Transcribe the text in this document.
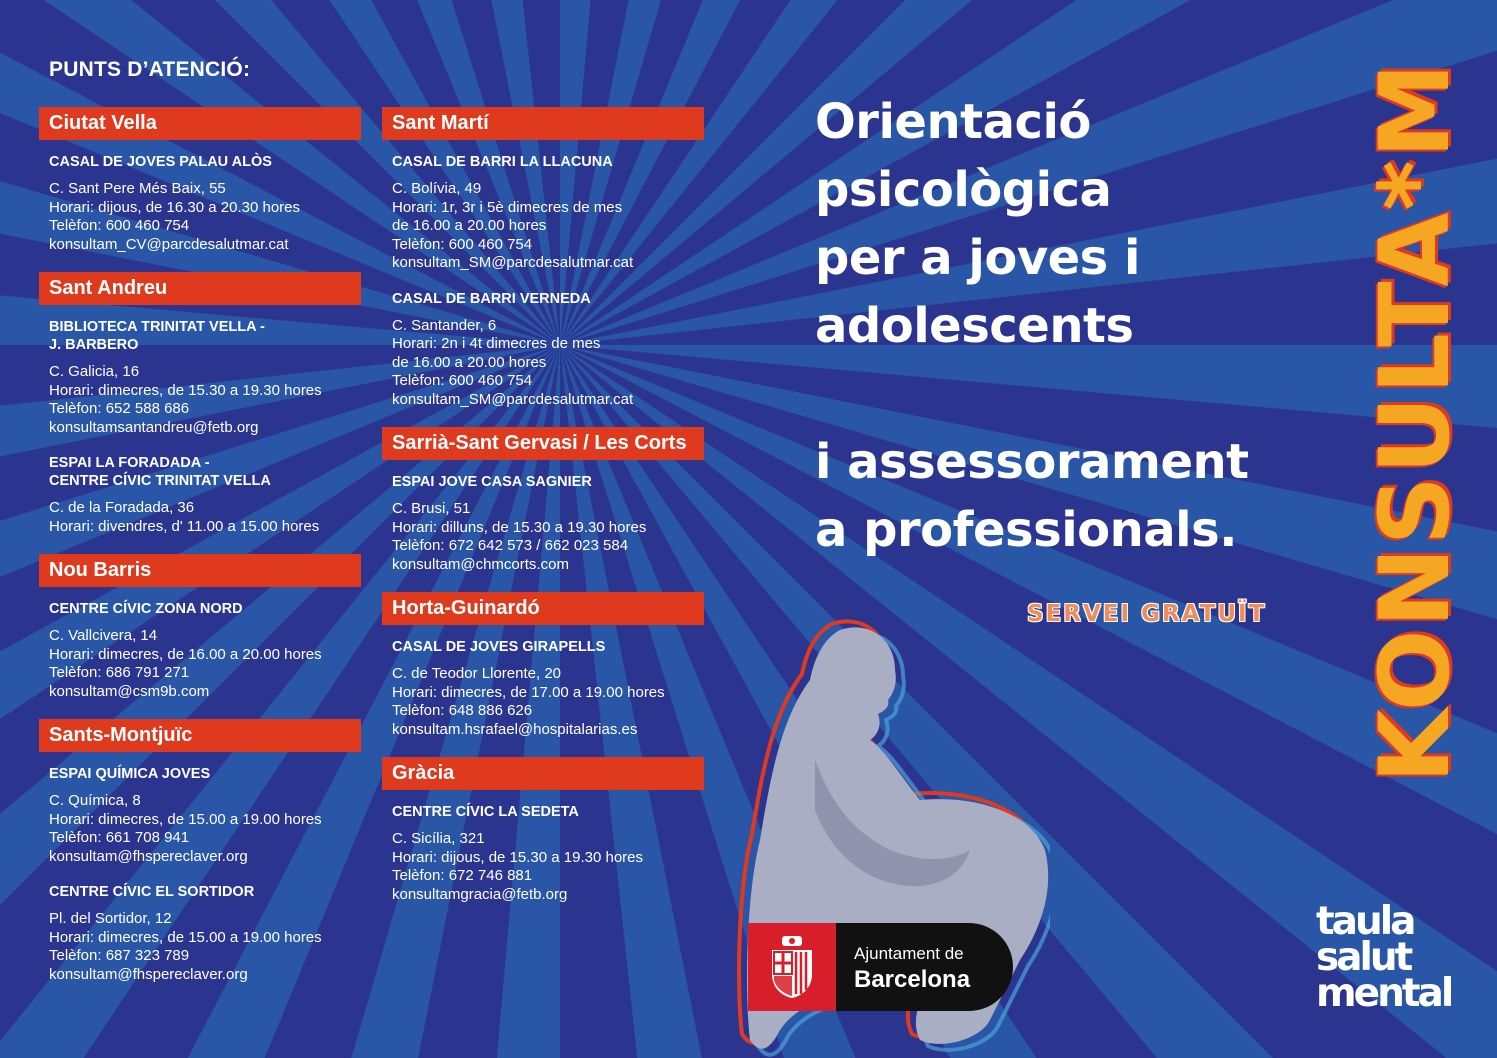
PUNTS D’ATENCIÓ:
Ciutat Vella
CASAL DE JOVES PALAU ALÒS
C. Sant Pere Més Baix, 55
Horari: dijous, de 16.30 a 20.30 hores
Telèfon: 600 460 754
konsultam_CV@parcdesalutmar.cat
Sant Andreu
BIBLIOTECA TRINITAT VELLA -
J. BARBERO
C. Galicia, 16
Horari: dimecres, de 15.30 a 19.30 hores
Telèfon: 652 588 686
konsultamsantandreu@fetb.org
ESPAI LA FORADADA -
CENTRE CÍVIC TRINITAT VELLA
C. de la Foradada, 36
Horari: divendres, d' 11.00 a 15.00 hores
Nou Barris
CENTRE CÍVIC ZONA NORD
C. Vallcivera, 14
Horari: dimecres, de 16.00 a 20.00 hores
Telèfon: 686 791 271
konsultam@csm9b.com
Sants-Montjuïc
ESPAI QUÍMICA JOVES
C. Química, 8
Horari: dimecres, de 15.00 a 19.00 hores
Telèfon: 661 708 941
konsultam@fhspereclaver.org
CENTRE CÍVIC EL SORTIDOR
Pl. del Sortidor, 12
Horari: dimecres, de 15.00 a 19.00 hores
Telèfon: 687 323 789
konsultam@fhspereclaver.org
Sant Martí
CASAL DE BARRI LA LLACUNA
C. Bolívia, 49
Horari: 1r, 3r i 5è dimecres de mes
de 16.00 a 20.00 hores
Telèfon: 600 460 754
konsultam_SM@parcdesalutmar.cat
CASAL DE BARRI VERNEDA
C. Santander, 6
Horari: 2n i 4t dimecres de mes
de 16.00 a 20.00 hores
Telèfon: 600 460 754
konsultam_SM@parcdesalutmar.cat
Sarrià-Sant Gervasi / Les Corts
ESPAI JOVE CASA SAGNIER
C. Brusi, 51
Horari: dilluns, de 15.30 a 19.30 hores
Telèfon: 672 642 573 / 662 023 584
konsultam@chmcorts.com
Horta-Guinardó
CASAL DE JOVES GIRAPELLS
C. de Teodor Llorente, 20
Horari: dimecres, de 17.00 a 19.00 hores
Telèfon: 648 886 626
konsultam.hsrafael@hospitalarias.es
Gràcia
CENTRE CÍVIC LA SEDETA
C. Sicília, 321
Horari: dijous, de 15.30 a 19.30 hores
Telèfon: 672 746 881
konsultamgracia@fetb.org
Orientació
psicològica
per a joves i
adolescents

i assessorament
a professionals.
SERVEI GRATUÏT KONSULTA*M
Ajuntament de
Barcelona
taula
salut
mental
